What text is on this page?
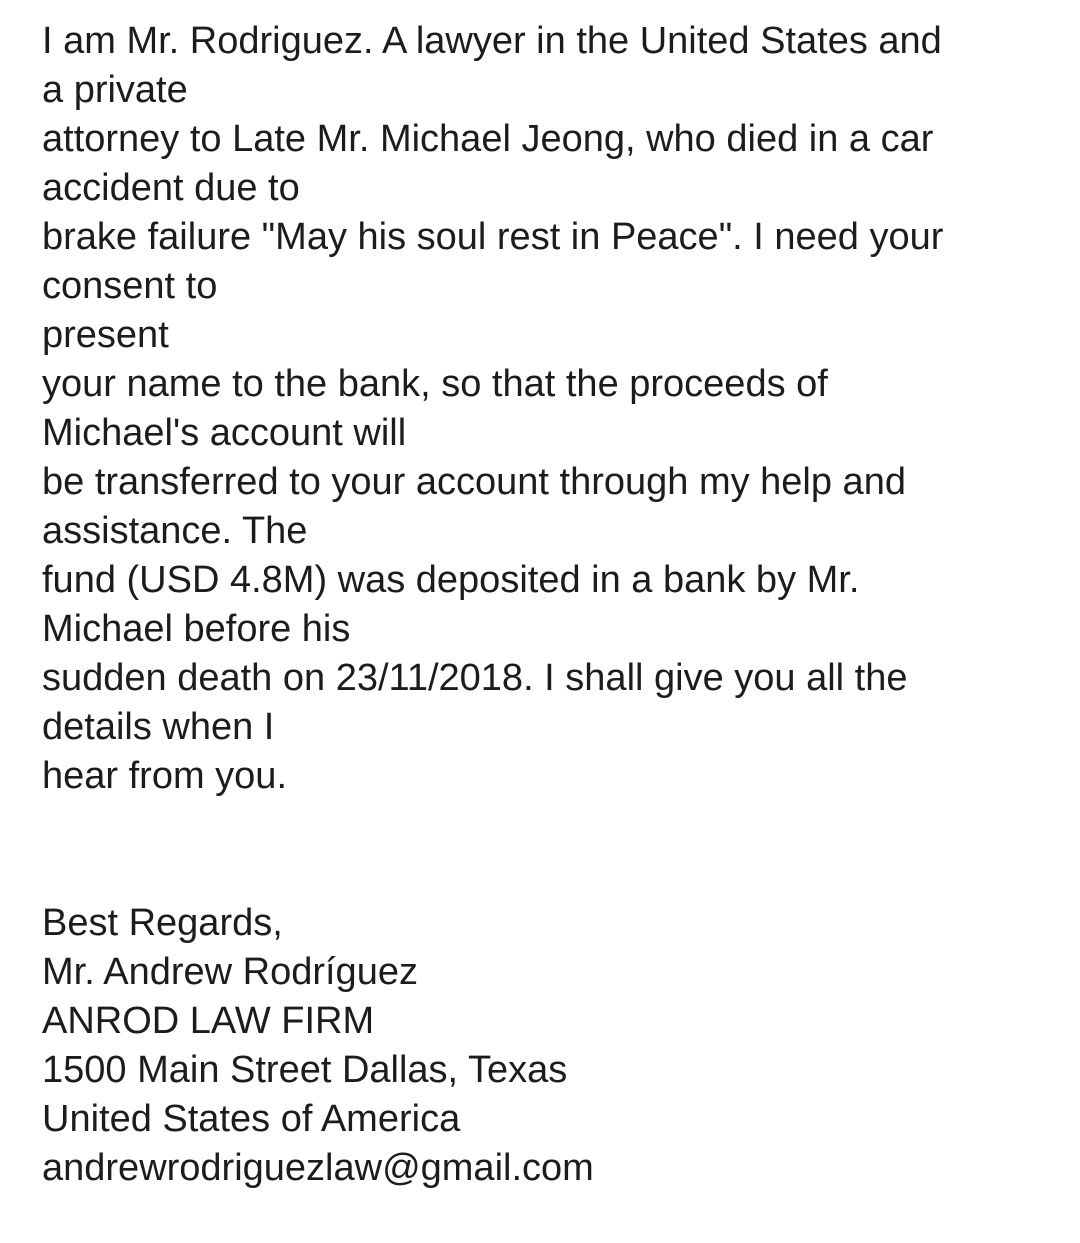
I am Mr. Rodriguez. A lawyer in the United States and
a private
attorney to Late Mr. Michael Jeong, who died in a car
accident due to
brake failure "May his soul rest in Peace". I need your
consent to
present
your name to the bank, so that the proceeds of
Michael's account will
be transferred to your account through my help and
assistance. The
fund (USD 4.8M) was deposited in a bank by Mr.
Michael before his
sudden death on 23/11/2018. I shall give you all the
details when I
hear from you.
Best Regards,
Mr. Andrew Rodríguez
ANROD LAW FIRM
1500 Main Street Dallas, Texas
United States of America
andrewrodriguezlaw@gmail.com
